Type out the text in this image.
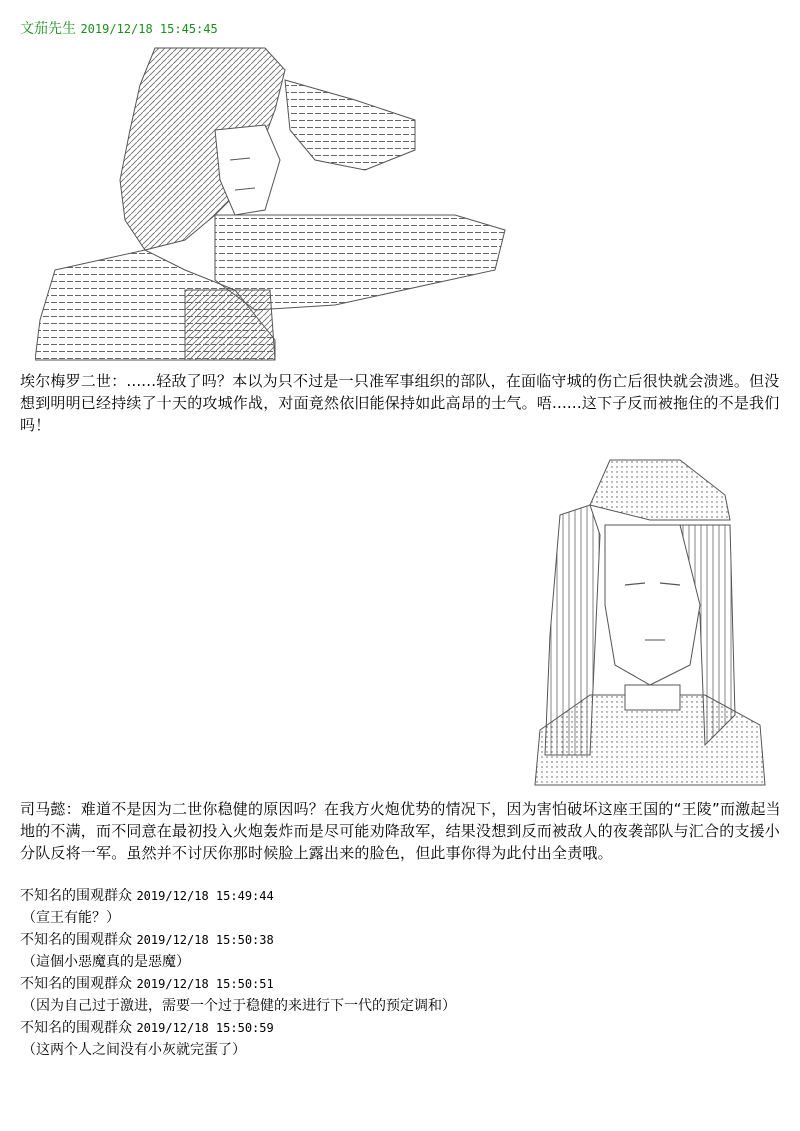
文茄先生 2019/12/18 15:45:45
埃尔梅罗二世：......轻敌了吗？本以为只不过是一只准军事组织的部队，在面临守城的伤亡后很快就会溃逃。但没想到明明已经持续了十天的攻城作战，对面竟然依旧能保持如此高昂的士气。唔......这下子反而被拖住的不是我们吗！
司马懿：难道不是因为二世你稳健的原因吗？在我方火炮优势的情况下，因为害怕破坏这座王国的“王陵”而激起当地的不满，而不同意在最初投入火炮轰炸而是尽可能劝降敌军，结果没想到反而被敌人的夜袭部队与汇合的支援小分队反将一军。虽然并不讨厌你那时候脸上露出来的脸色，但此事你得为此付出全责哦。

不知名的围观群众 2019/12/18 15:49:44

（宣王有能？）

不知名的围观群众 2019/12/18 15:50:38

（這個小惡魔真的是惡魔）

不知名的围观群众 2019/12/18 15:50:51

（因为自己过于激进，需要一个过于稳健的来进行下一代的预定调和）

不知名的围观群众 2019/12/18 15:50:59

（这两个人之间没有小灰就完蛋了）
